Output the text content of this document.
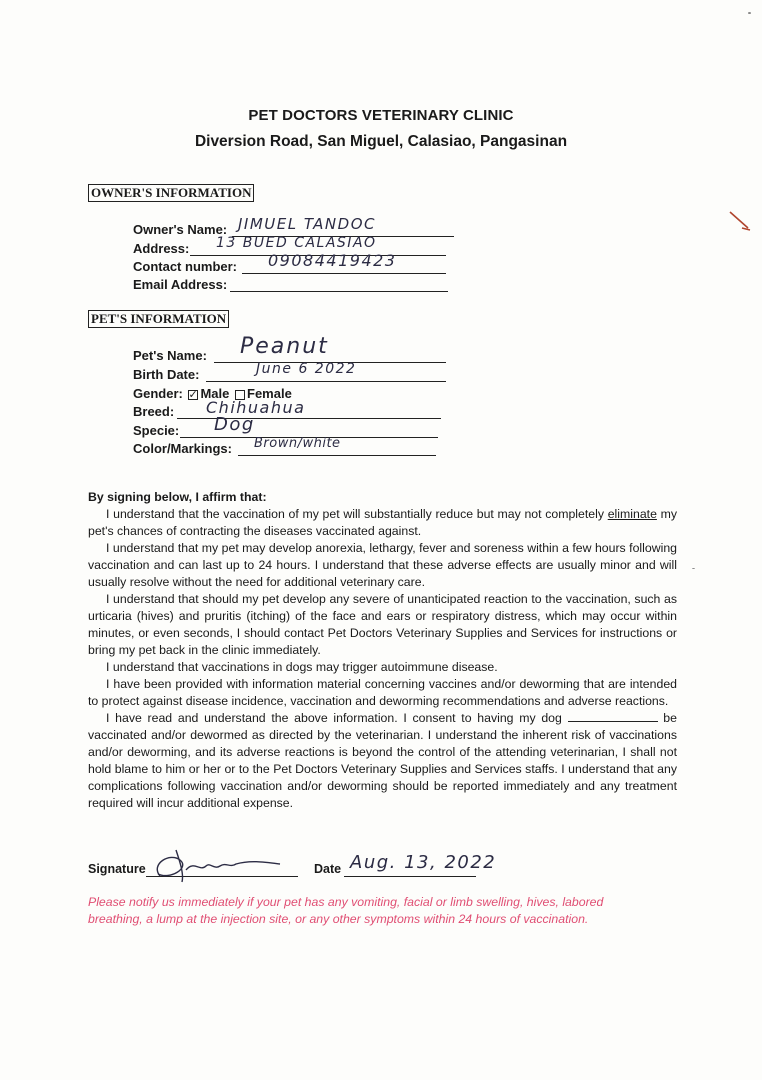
PET DOCTORS VETERINARY CLINIC
Diversion Road, San Miguel, Calasiao, Pangasinan
OWNER'S INFORMATION
Owner's Name: JIMUEL TANDOC
Address: 13 BUED CALASIAO
Contact number: 09084419423
Email Address:
PET'S INFORMATION
Pet's Name: Peanut
Birth Date:	June 6 2022
Gender: ✓ Male Female
Breed: Chihuahua
Specie: Dog
Color/Markings: Brown/white

By signing below, I affirm that:

I understand that the vaccination of my pet will substantially reduce but may not completely eliminate my pet's chances of contracting the diseases vaccinated against.

I understand that my pet may develop anorexia, lethargy, fever and soreness within a few hours following vaccination and can last up to 24 hours. I understand that these adverse effects are usually minor and will usually resolve without the need for additional veterinary care.

I understand that should my pet develop any severe of unanticipated reaction to the vaccination, such as urticaria (hives) and pruritis (itching) of the face and ears or respiratory distress, which may occur within minutes, or even seconds, I should contact Pet Doctors Veterinary Supplies and Services for instructions or bring my pet back in the clinic immediately.

I understand that vaccinations in dogs may trigger autoimmune disease.

I have been provided with information material concerning vaccines and/or deworming that are intended to protect against disease incidence, vaccination and deworming recommendations and adverse reactions.

I have read and understand the above information. I consent to having my dog	be vaccinated and/or dewormed as directed by the veterinarian. I understand the inherent risk of vaccinations and/or deworming, and its adverse reactions is beyond the control of the attending veterinarian, I shall not hold blame to him or her or to the Pet Doctors Veterinary Supplies and Services staffs. I understand that any complications following vaccination and/or deworming should be reported immediately and any treatment required will incur additional expense.

Signature	Date Aug. 13, 2022
Please notify us immediately if your pet has any vomiting, facial or limb swelling, hives, labored breathing, a lump at the injection site, or any other symptoms within 24 hours of vaccination.
